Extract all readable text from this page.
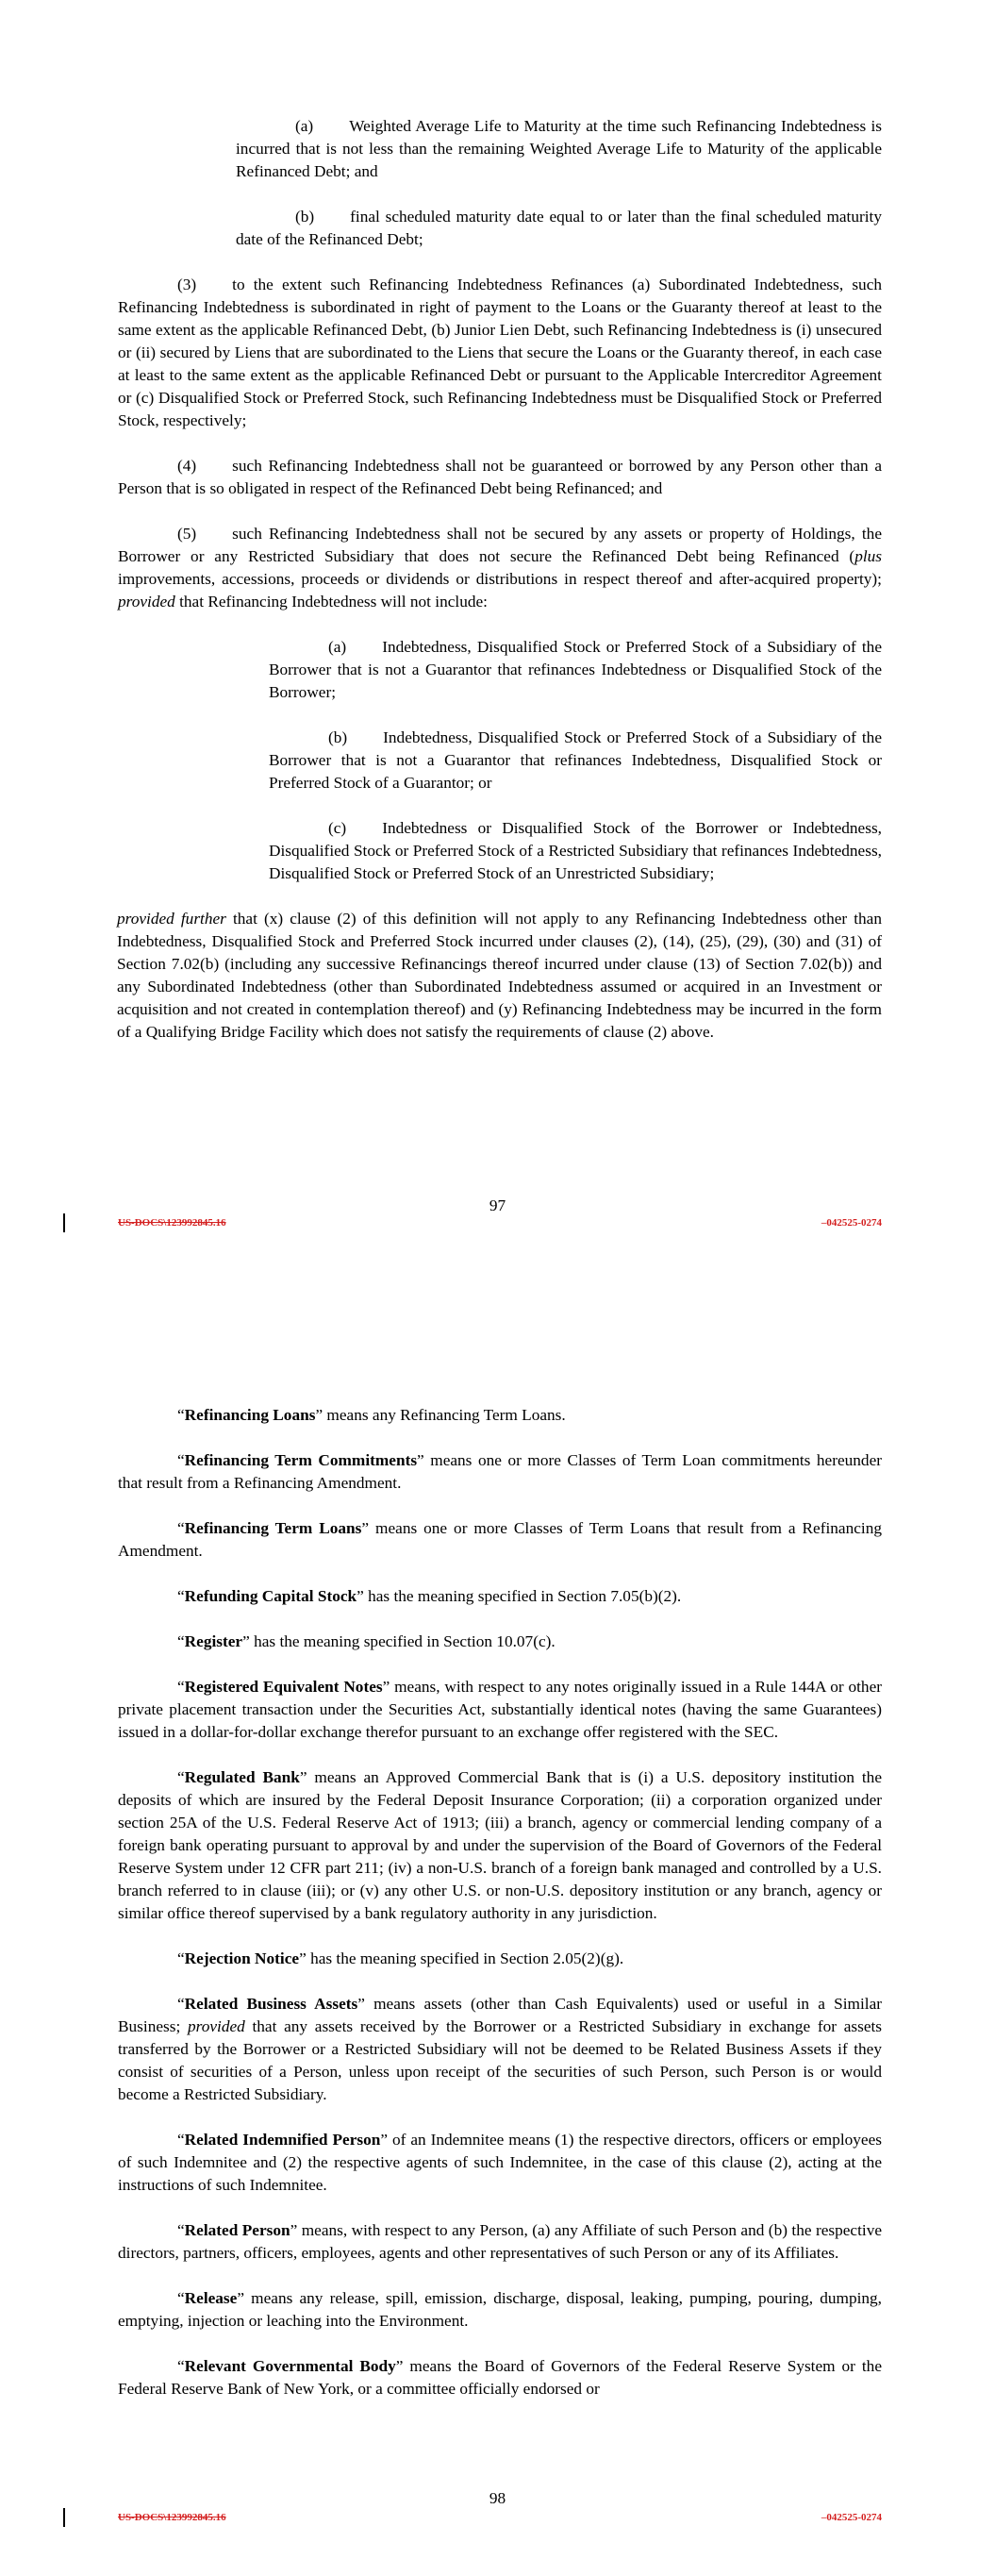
(a) Weighted Average Life to Maturity at the time such Refinancing Indebtedness is incurred that is not less than the remaining Weighted Average Life to Maturity of the applicable Refinanced Debt; and

(b) final scheduled maturity date equal to or later than the final scheduled maturity date of the Refinanced Debt;

(3) to the extent such Refinancing Indebtedness Refinances (a) Subordinated Indebtedness, such Refinancing Indebtedness is subordinated in right of payment to the Loans or the Guaranty thereof at least to the same extent as the applicable Refinanced Debt, (b) Junior Lien Debt, such Refinancing Indebtedness is (i) unsecured or (ii) secured by Liens that are subordinated to the Liens that secure the Loans or the Guaranty thereof, in each case at least to the same extent as the applicable Refinanced Debt or pursuant to the Applicable Intercreditor Agreement or (c) Disqualified Stock or Preferred Stock, such Refinancing Indebtedness must be Disqualified Stock or Preferred Stock, respectively;

(4) such Refinancing Indebtedness shall not be guaranteed or borrowed by any Person other than a Person that is so obligated in respect of the Refinanced Debt being Refinanced; and

(5) such Refinancing Indebtedness shall not be secured by any assets or property of Holdings, the Borrower or any Restricted Subsidiary that does not secure the Refinanced Debt being Refinanced (plus improvements, accessions, proceeds or dividends or distributions in respect thereof and after-acquired property); provided that Refinancing Indebtedness will not include:

(a) Indebtedness, Disqualified Stock or Preferred Stock of a Subsidiary of the Borrower that is not a Guarantor that refinances Indebtedness or Disqualified Stock of the Borrower;

(b) Indebtedness, Disqualified Stock or Preferred Stock of a Subsidiary of the Borrower that is not a Guarantor that refinances Indebtedness, Disqualified Stock or Preferred Stock of a Guarantor; or

(c) Indebtedness or Disqualified Stock of the Borrower or Indebtedness, Disqualified Stock or Preferred Stock of a Restricted Subsidiary that refinances Indebtedness, Disqualified Stock or Preferred Stock of an Unrestricted Subsidiary;

provided further that (x) clause (2) of this definition will not apply to any Refinancing Indebtedness other than Indebtedness, Disqualified Stock and Preferred Stock incurred under clauses (2), (14), (25), (29), (30) and (31) of Section 7.02(b) (including any successive Refinancings thereof incurred under clause (13) of Section 7.02(b)) and any Subordinated Indebtedness (other than Subordinated Indebtedness assumed or acquired in an Investment or acquisition and not created in contemplation thereof) and (y) Refinancing Indebtedness may be incurred in the form of a Qualifying Bridge Facility which does not satisfy the requirements of clause (2) above.

97
US-DOCS\123992845.16	–042525-0274

“Refinancing Loans” means any Refinancing Term Loans.

“Refinancing Term Commitments” means one or more Classes of Term Loan commitments hereunder that result from a Refinancing Amendment.

“Refinancing Term Loans” means one or more Classes of Term Loans that result from a Refinancing Amendment.

“Refunding Capital Stock” has the meaning specified in Section 7.05(b)(2).

“Register” has the meaning specified in Section 10.07(c).

“Registered Equivalent Notes” means, with respect to any notes originally issued in a Rule 144A or other private placement transaction under the Securities Act, substantially identical notes (having the same Guarantees) issued in a dollar-for-dollar exchange therefor pursuant to an exchange offer registered with the SEC.

“Regulated Bank” means an Approved Commercial Bank that is (i) a U.S. depository institution the deposits of which are insured by the Federal Deposit Insurance Corporation; (ii) a corporation organized under section 25A of the U.S. Federal Reserve Act of 1913; (iii) a branch, agency or commercial lending company of a foreign bank operating pursuant to approval by and under the supervision of the Board of Governors of the Federal Reserve System under 12 CFR part 211; (iv) a non-U.S. branch of a foreign bank managed and controlled by a U.S. branch referred to in clause (iii); or (v) any other U.S. or non-U.S. depository institution or any branch, agency or similar office thereof supervised by a bank regulatory authority in any jurisdiction.

“Rejection Notice” has the meaning specified in Section 2.05(2)(g).

“Related Business Assets” means assets (other than Cash Equivalents) used or useful in a Similar Business; provided that any assets received by the Borrower or a Restricted Subsidiary in exchange for assets transferred by the Borrower or a Restricted Subsidiary will not be deemed to be Related Business Assets if they consist of securities of a Person, unless upon receipt of the securities of such Person, such Person is or would become a Restricted Subsidiary.

“Related Indemnified Person” of an Indemnitee means (1) the respective directors, officers or employees of such Indemnitee and (2) the respective agents of such Indemnitee, in the case of this clause (2), acting at the instructions of such Indemnitee.

“Related Person” means, with respect to any Person, (a) any Affiliate of such Person and (b) the respective directors, partners, officers, employees, agents and other representatives of such Person or any of its Affiliates.

“Release” means any release, spill, emission, discharge, disposal, leaking, pumping, pouring, dumping, emptying, injection or leaching into the Environment.

“Relevant Governmental Body” means the Board of Governors of the Federal Reserve System or the Federal Reserve Bank of New York, or a committee officially endorsed or

98
US-DOCS\123992845.16	–042525-0274
